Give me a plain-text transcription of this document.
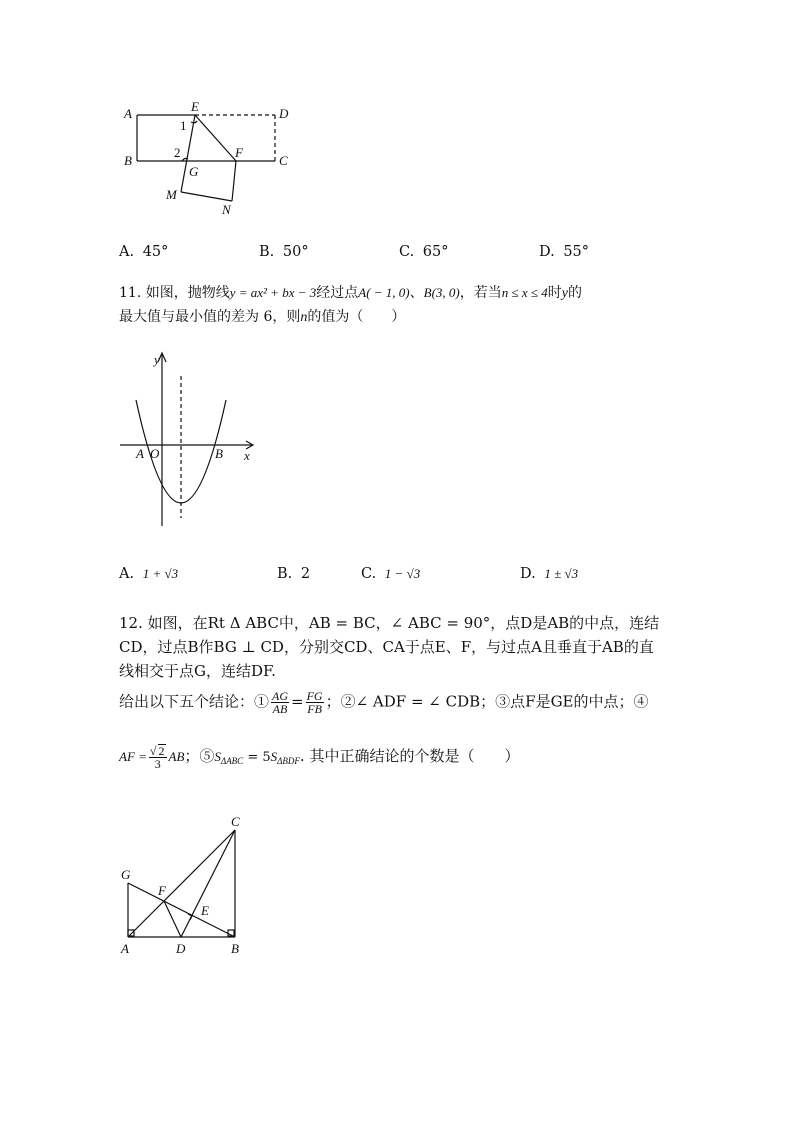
A	E	D
1
2
B
G
F
C
M
N
A. 45°	B. 50°	C. 65°	D. 55°
11. 如图，抛物线y = ax² + bx − 3经过点A( − 1, 0)、B(3, 0)，若当n ≤ x ≤ 4时y的
最大值与最小值的差为 6，则n的值为（　　）
y
A O	B x
A. 1 + √3	B. 2	C. 1 − √3	D. 1 ± √3
12. 如图，在Rt Δ ABC中，AB = BC，∠ ABC = 90°，点D是AB的中点，连结
CD，过点B作BG ⊥ CD，分别交CD、CA于点E、F，与过点A且垂直于AB的直
线相交于点G，连结DF.
给出以下五个结论：① $\frac{AG}{AB} = \frac{FG}{FB}$ ；②∠ ADF = ∠ CDB；③点F是GE的中点；④
AF = $\frac{√ 2}{3}$ AB；$⑤S_{\Delta ABC} = 5S_{\Delta BDF}$. 其中正确结论的个数是（　　）
C
G
F
E
A	D	B
